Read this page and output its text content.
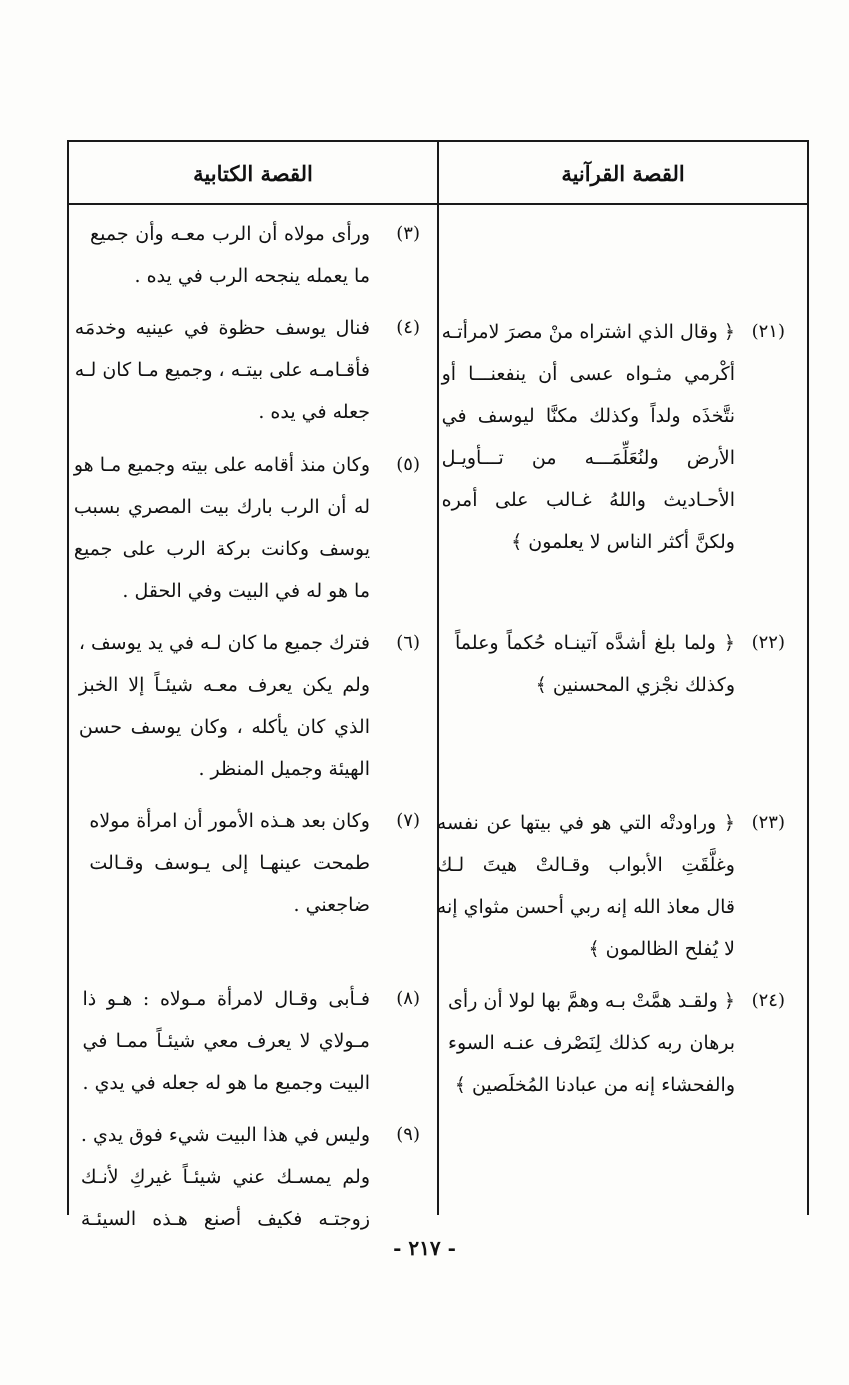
القصة القرآنية
القصة الكتابية
(٢١)
﴿ وقال الذي اشتراه منْ مصرَ لامرأتـه
أكْرمي مثـواه عسى أن ينفعنـــا أو
نتَّخذَه ولداً وكذلك مكنَّا ليوسف في
الأرض ولنُعَلِّمَـــه من تـــأويـل
الأحـاديث واللهُ غـالب على أمره
ولكنَّ أكثر الناس لا يعلمون ﴾
(٢٢)
﴿ ولما بلغ أشدَّه آتينـاه حُكماً وعلماً
وكذلك نجْزي المحسنين ﴾
(٢٣)
﴿ وراودتْه التي هو في بيتها عن نفسه
وغلَّقَتِ الأبواب وقـالتْ هيتَ لـك
قال معاذ الله إنه ربي أحسن مثواي إنه
لا يُفلح الظالمون ﴾
(٢٤)
﴿ ولقـد همَّتْ بـه وهمَّ بها لولا أن رأى
برهان ربه كذلك لِنَصْرف عنـه السوء
والفحشاء إنه من عبادنا المُخلَصين ﴾
(٣)
ورأى مولاه أن الرب معـه وأن جميع
ما يعمله ينجحه الرب في يده .
(٤)
فنال يوسف حظوة في عينيه وخدمَه
فأقـامـه على بيتـه ، وجميع مـا كان لـه
جعله في يده .
(٥)
وكان منذ أقامه على بيته وجميع مـا هو
له أن الرب بارك بيت المصري بسبب
يوسف وكانت بركة الرب على جميع
ما هو له في البيت وفي الحقل .
(٦)
فترك جميع ما كان لـه في يد يوسف ،
ولم يكن يعرف معـه شيئـاً إلا الخبز
الذي كان يأكله ، وكان يوسف حسن
الهيئة وجميل المنظر .
(٧)
وكان بعد هـذه الأمور أن امرأة مولاه
طمحت عينهـا إلى يـوسف وقـالت
ضاجعني .
(٨)
فـأبى وقـال لامرأة مـولاه : هـو ذا
مـولاي لا يعرف معي شيئـاً ممـا في
البيت وجميع ما هو له جعله في يدي .
(٩)
وليس في هذا البيت شيء فوق يدي .
ولم يمسـك عني شيئـاً غيركِ لأنـك
زوجتـه فكيف أصنع هـذه السيئـة
- ٢١٧ -
